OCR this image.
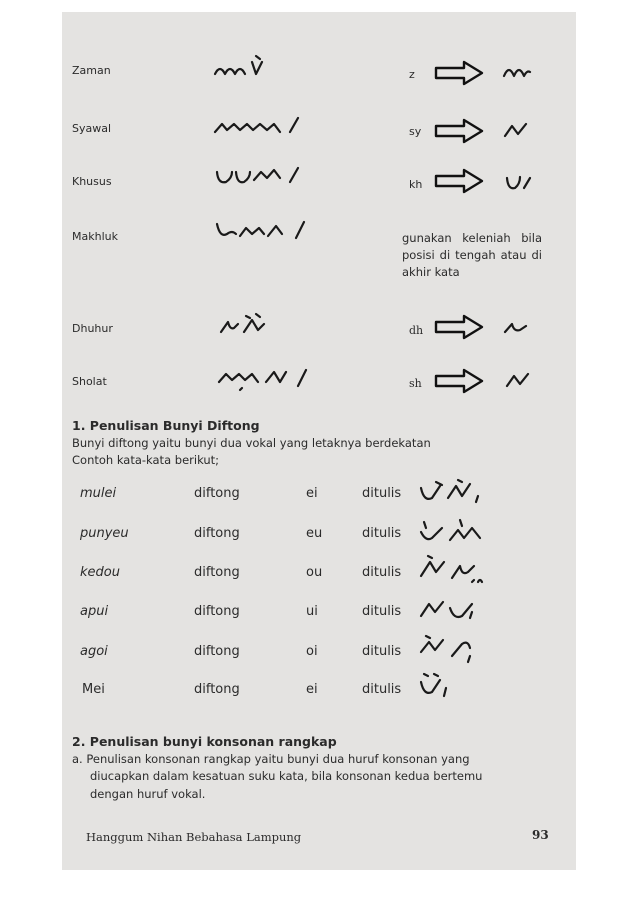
Zaman	z
Syawal	sy
Khusus	kh
Makhluk	gunakan keleniah bila posisi di tengah atau di akhir kata
Dhuhur	dh
Sholat	sh
1. Penulisan Bunyi Diftong
Bunyi diftong yaitu bunyi dua vokal yang letaknya berdekatan
Contoh kata-kata berikut;
mulei	diftong	ei	ditulis
punyeu	diftong	eu	ditulis
kedou	diftong	ou	ditulis
apui	diftong	ui	ditulis
agoi	diftong	oi	ditulis
Mei	diftong	ei	ditulis
2. Penulisan bunyi konsonan rangkap
a. Penulisan konsonan rangkap yaitu bunyi dua huruf konsonan yang
diucapkan dalam kesatuan suku kata, bila konsonan kedua bertemu
dengan huruf vokal.
Hanggum Nihan Bebahasa Lampung	93
